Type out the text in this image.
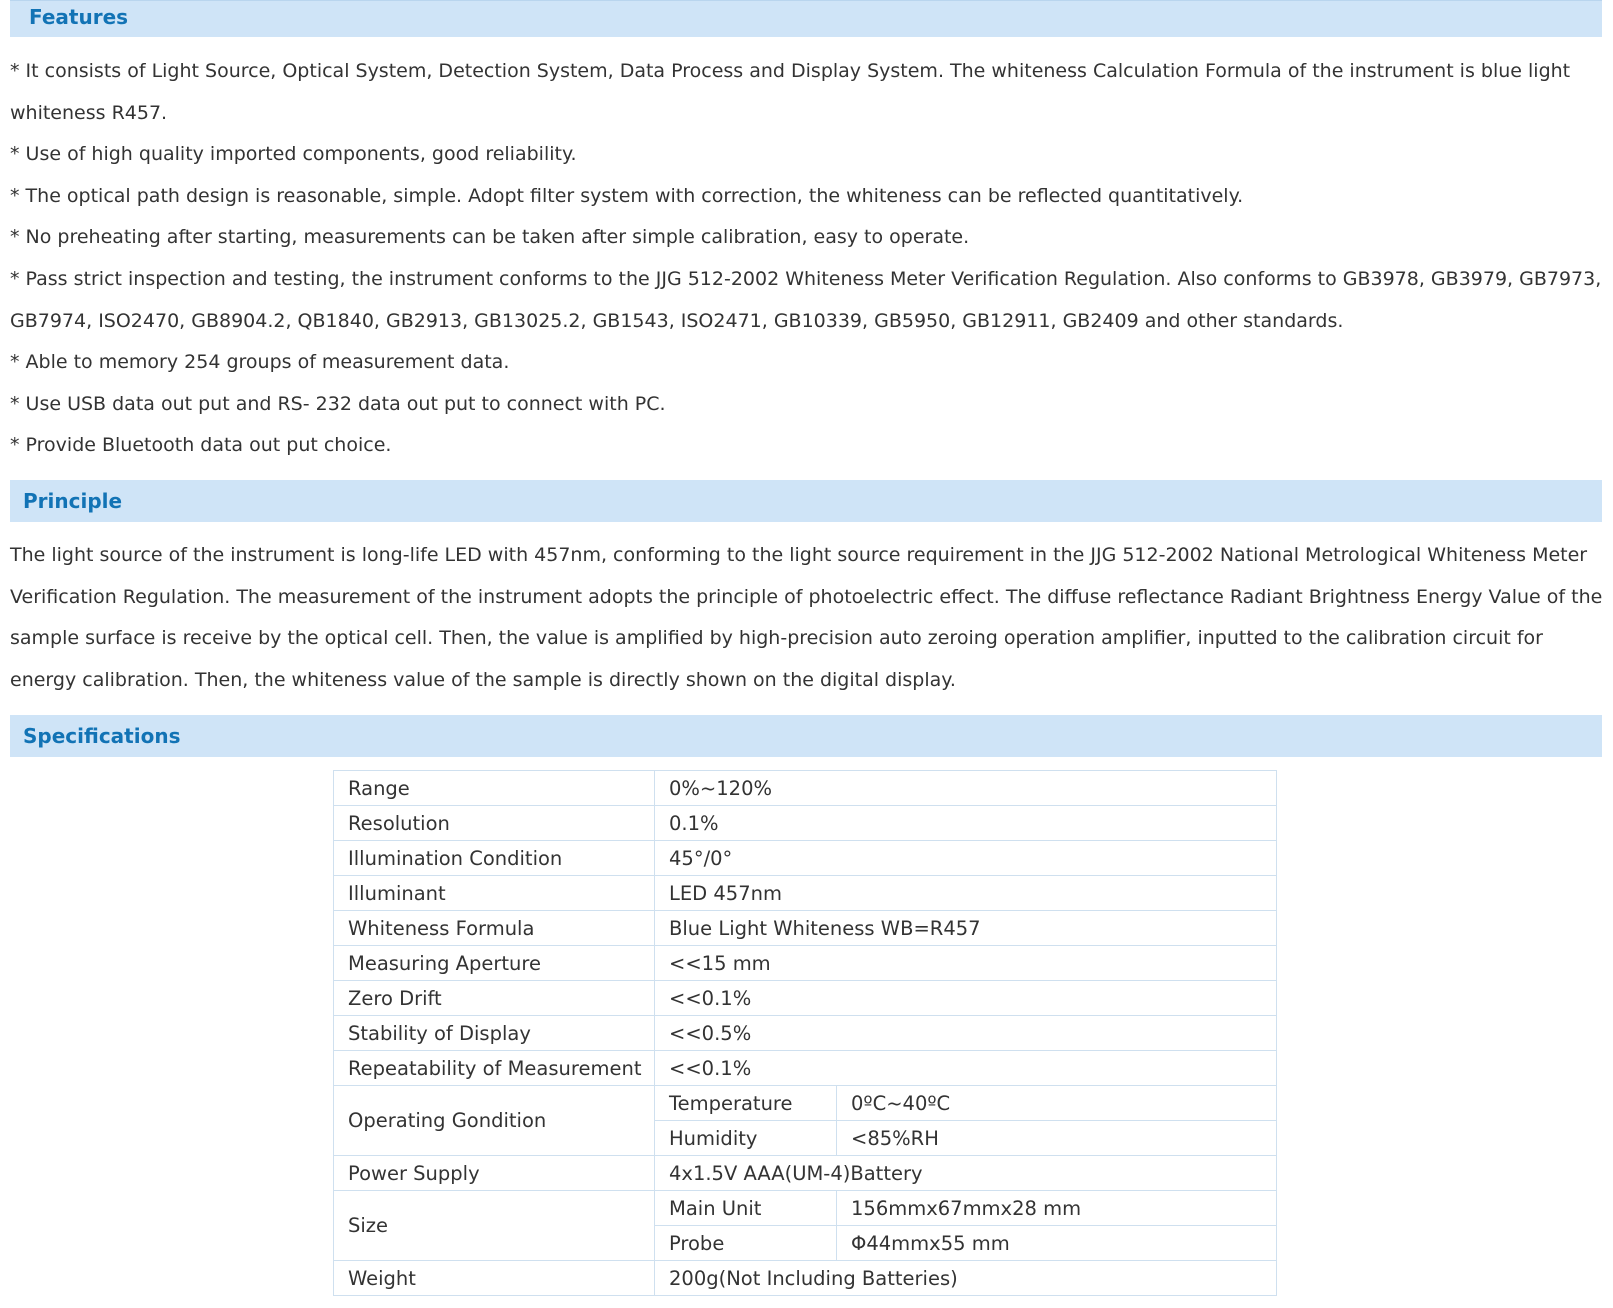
Features
* It consists of Light Source, Optical System, Detection System, Data Process and Display System. The whiteness Calculation Formula of the instrument is blue light whiteness R457.
* Use of high quality imported components, good reliability.
* The optical path design is reasonable, simple. Adopt filter system with correction, the whiteness can be reflected quantitatively.
* No preheating after starting, measurements can be taken after simple calibration, easy to operate.
* Pass strict inspection and testing, the instrument conforms to the JJG 512-2002 Whiteness Meter Verification Regulation. Also conforms to GB3978, GB3979, GB7973, GB7974, ISO2470, GB8904.2, QB1840, GB2913, GB13025.2, GB1543, ISO2471, GB10339, GB5950, GB12911, GB2409 and other standards.
* Able to memory 254 groups of measurement data.
* Use USB data out put and RS- 232 data out put to connect with PC.
* Provide Bluetooth data out put choice.
Principle

The light source of the instrument is long-life LED with 457nm, conforming to the light source requirement in the JJG 512-2002 National Metrological Whiteness Meter Verification Regulation. The measurement of the instrument adopts the principle of photoelectric effect. The diffuse reflectance Radiant Brightness Energy Value of the sample surface is receive by the optical cell. Then, the value is amplified by high-precision auto zeroing operation amplifier, inputted to the calibration circuit for energy calibration. Then, the whiteness value of the sample is directly shown on the digital display.

Specifications
Range	0%~120%	
Resolution	0.1%	
Illumination Condition	45°/0°	
Illuminant	LED 457nm	
Whiteness Formula	Blue Light Whiteness WB=R457	
Measuring Aperture	<<15 mm	
Zero Drift	<<0.1%	
Stability of Display	<<0.5%	
Repeatability of Measurement	<<0.1%	
Operating Gondition	Temperature	0ºC~40ºC
	Humidity	<85%RH
Power Supply	4x1.5V AAA(UM-4)Battery	
Size	Main Unit	156mmx67mmx28 mm
	Probe	Φ44mmx55 mm
Weight	200g(Not Including Batteries)	
